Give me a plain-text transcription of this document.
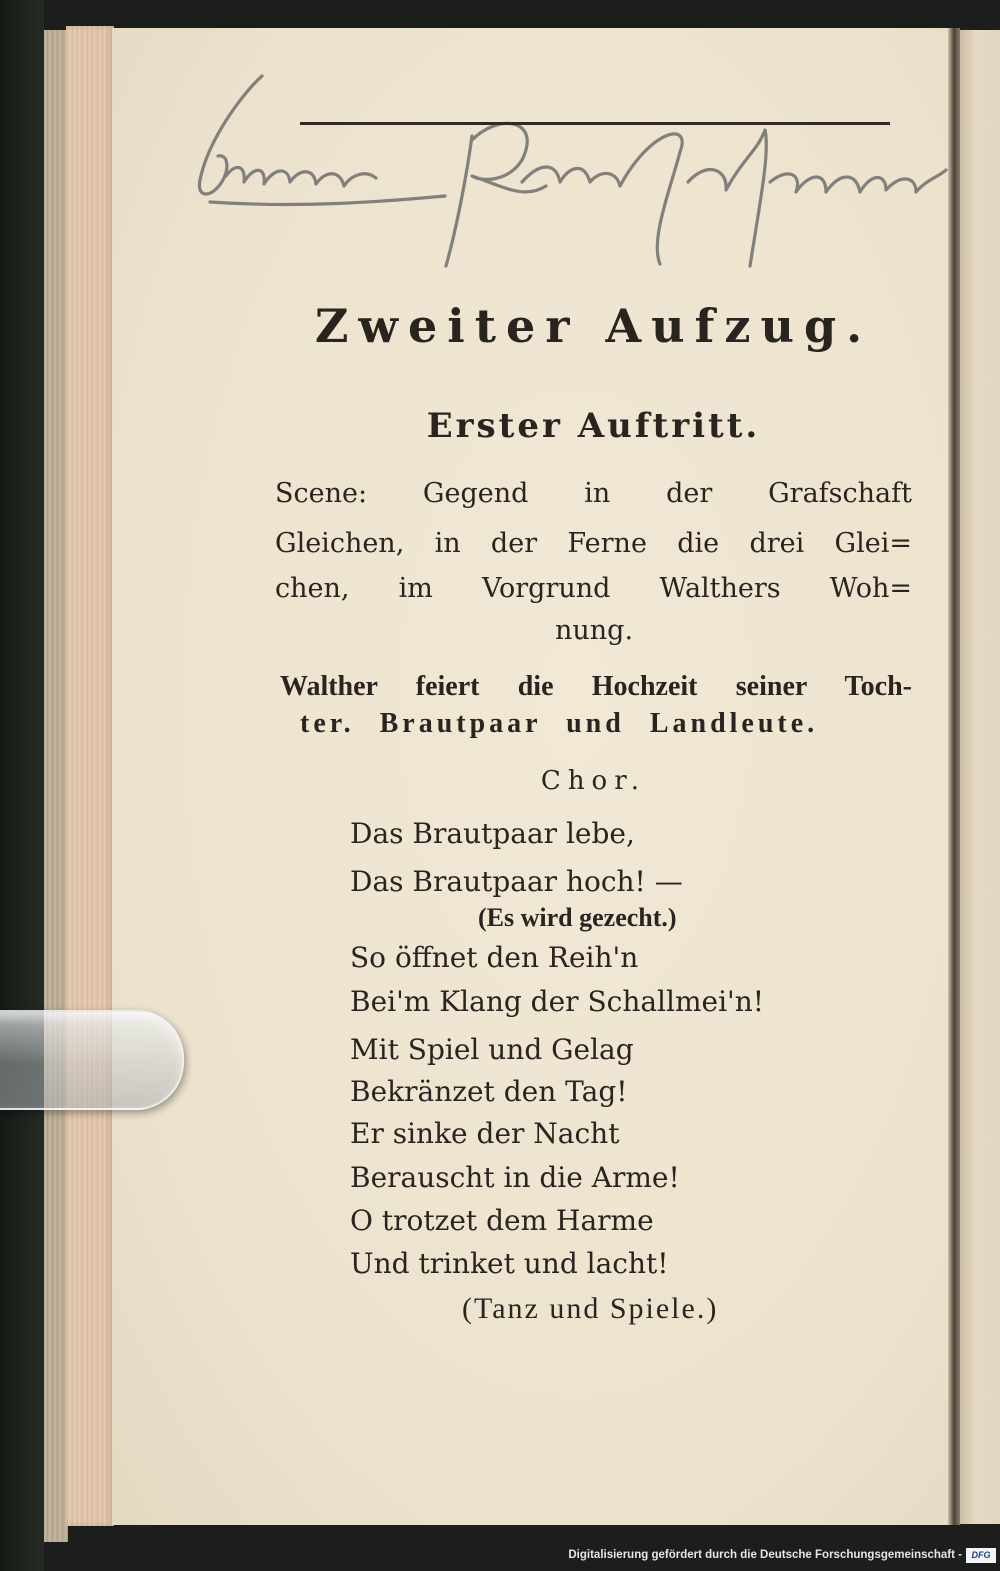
Zweiter Aufzug.
Erster Auftritt.
Scene: Gegend in der Grafschaft
Gleichen, in der Ferne die drei Glei=
chen, im Vorgrund Walthers Woh=
nung.
Walther feiert die Hochzeit seiner Toch-
ter. Brautpaar und Landleute.
Chor.
Das Brautpaar lebe,
Das Brautpaar hoch! —
(Es wird gezecht.)
So öffnet den Reih'n
Bei'm Klang der Schallmei'n!
Mit Spiel und Gelag
Bekränzet den Tag!
Er sinke der Nacht
Berauscht in die Arme!
O trotzet dem Harme
Und trinket und lacht!
(Tanz und Spiele.)
Digitalisierung gefördert durch die Deutsche Forschungsgemeinschaft -	DFG
